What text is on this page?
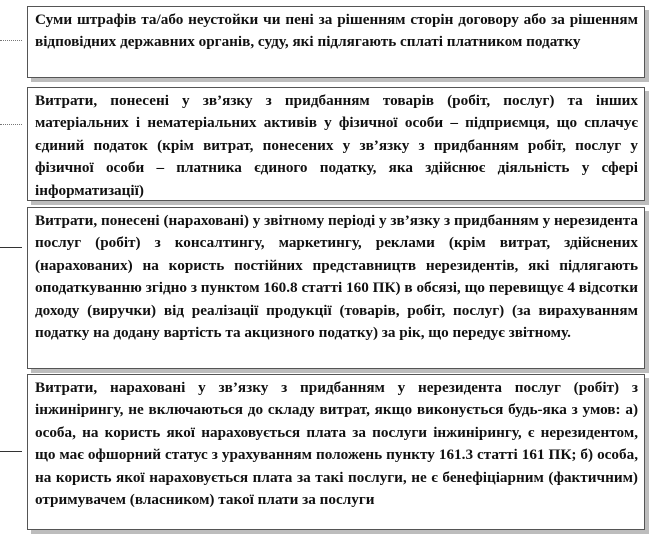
Суми штрафів та/або неустойки чи пені за рішенням сторін договору або за рішенням відповідних державних органів, суду, які підлягають сплаті платником податку

Витрати, понесені у зв’язку з придбанням товарів (робіт, послуг) та інших матеріальних і нематеріальних активів у фізичної особи – підприємця, що сплачує єдиний податок (крім витрат, понесених у зв’язку з придбанням робіт, послуг у фізичної особи – платника єдиного податку, яка здійснює діяльність у сфері інформатизації)

Витрати, понесені (нараховані) у звітному періоді у зв’язку з придбанням у нерезидента послуг (робіт) з консалтингу, маркетингу, реклами (крім витрат, здійснених (нарахованих) на користь постійних представництв нерезидентів, які підлягають оподаткуванню згідно з пунктом 160.8 статті 160 ПК) в обсязі, що перевищує 4 відсотки доходу (виручки) від реалізації продукції (товарів, робіт, послуг) (за вирахуванням податку на додану вартість та акцизного податку) за рік, що передує звітному.

Витрати, нараховані у зв’язку з придбанням у нерезидента послуг (робіт) з інжинірингу, не включаються до складу витрат, якщо виконується будь-яка з умов: а) особа, на користь якої нараховується плата за послуги інжинірингу, є нерезидентом, що має офшорний статус з урахуванням положень пункту 161.3 статті 161 ПК; б) особа, на користь якої нараховується плата за такі послуги, не є бенефіціарним (фактичним) отримувачем (власником) такої плати за послуги
